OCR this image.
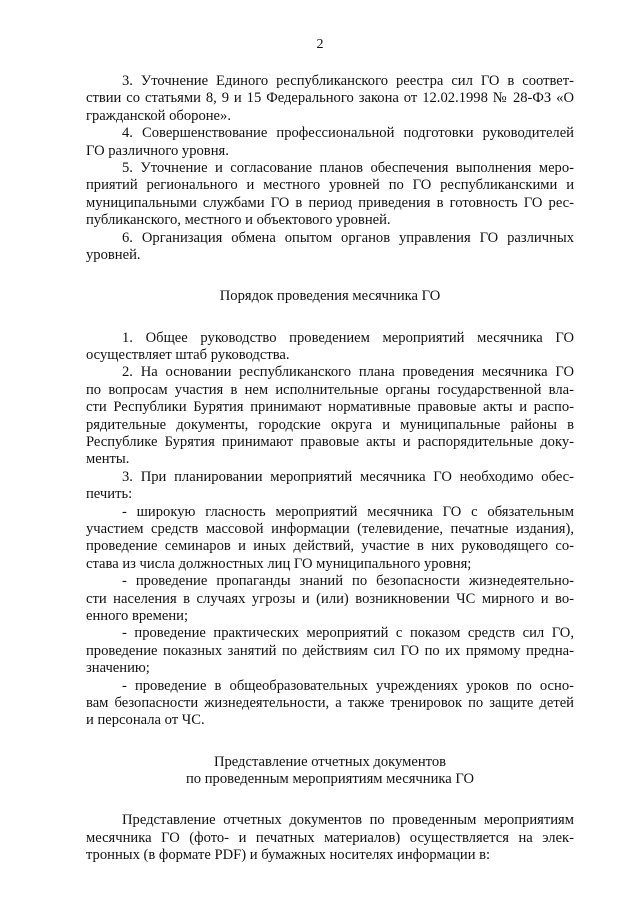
2
3. Уточнение Единого республиканского реестра сил ГО в соответ-
ствии со статьями 8, 9 и 15 Федерального закона от 12.02.1998 № 28-ФЗ «О
гражданской обороне».
4. Совершенствование профессиональной подготовки руководителей
ГО различного уровня.
5. Уточнение и согласование планов обеспечения выполнения меро-
приятий регионального и местного уровней по ГО республиканскими и
муниципальными службами ГО в период приведения в готовность ГО рес-
публиканского, местного и объектового уровней.
6. Организация обмена опытом органов управления ГО различных
уровней.
Порядок проведения месячника ГО
1. Общее руководство проведением мероприятий месячника ГО
осуществляет штаб руководства.
2. На основании республиканского плана проведения месячника ГО
по вопросам участия в нем исполнительные органы государственной вла-
сти Республики Бурятия принимают нормативные правовые акты и распо-
рядительные документы, городские округа и муниципальные районы в
Республике Бурятия принимают правовые акты и распорядительные доку-
менты.
3. При планировании мероприятий месячника ГО необходимо обес-
печить:
- широкую гласность мероприятий месячника ГО с обязательным
участием средств массовой информации (телевидение, печатные издания),
проведение семинаров и иных действий, участие в них руководящего со-
става из числа должностных лиц ГО муниципального уровня;
- проведение пропаганды знаний по безопасности жизнедеятельно-
сти населения в случаях угрозы и (или) возникновении ЧС мирного и во-
енного времени;
- проведение практических мероприятий с показом средств сил ГО,
проведение показных занятий по действиям сил ГО по их прямому предна-
значению;
- проведение в общеобразовательных учреждениях уроков по осно-
вам безопасности жизнедеятельности, а также тренировок по защите детей
и персонала от ЧС.
Представление отчетных документов
по проведенным мероприятиям месячника ГО
Представление отчетных документов по проведенным мероприятиям
месячника ГО (фото- и печатных материалов) осуществляется на элек-
тронных (в формате PDF) и бумажных носителях информации в:
